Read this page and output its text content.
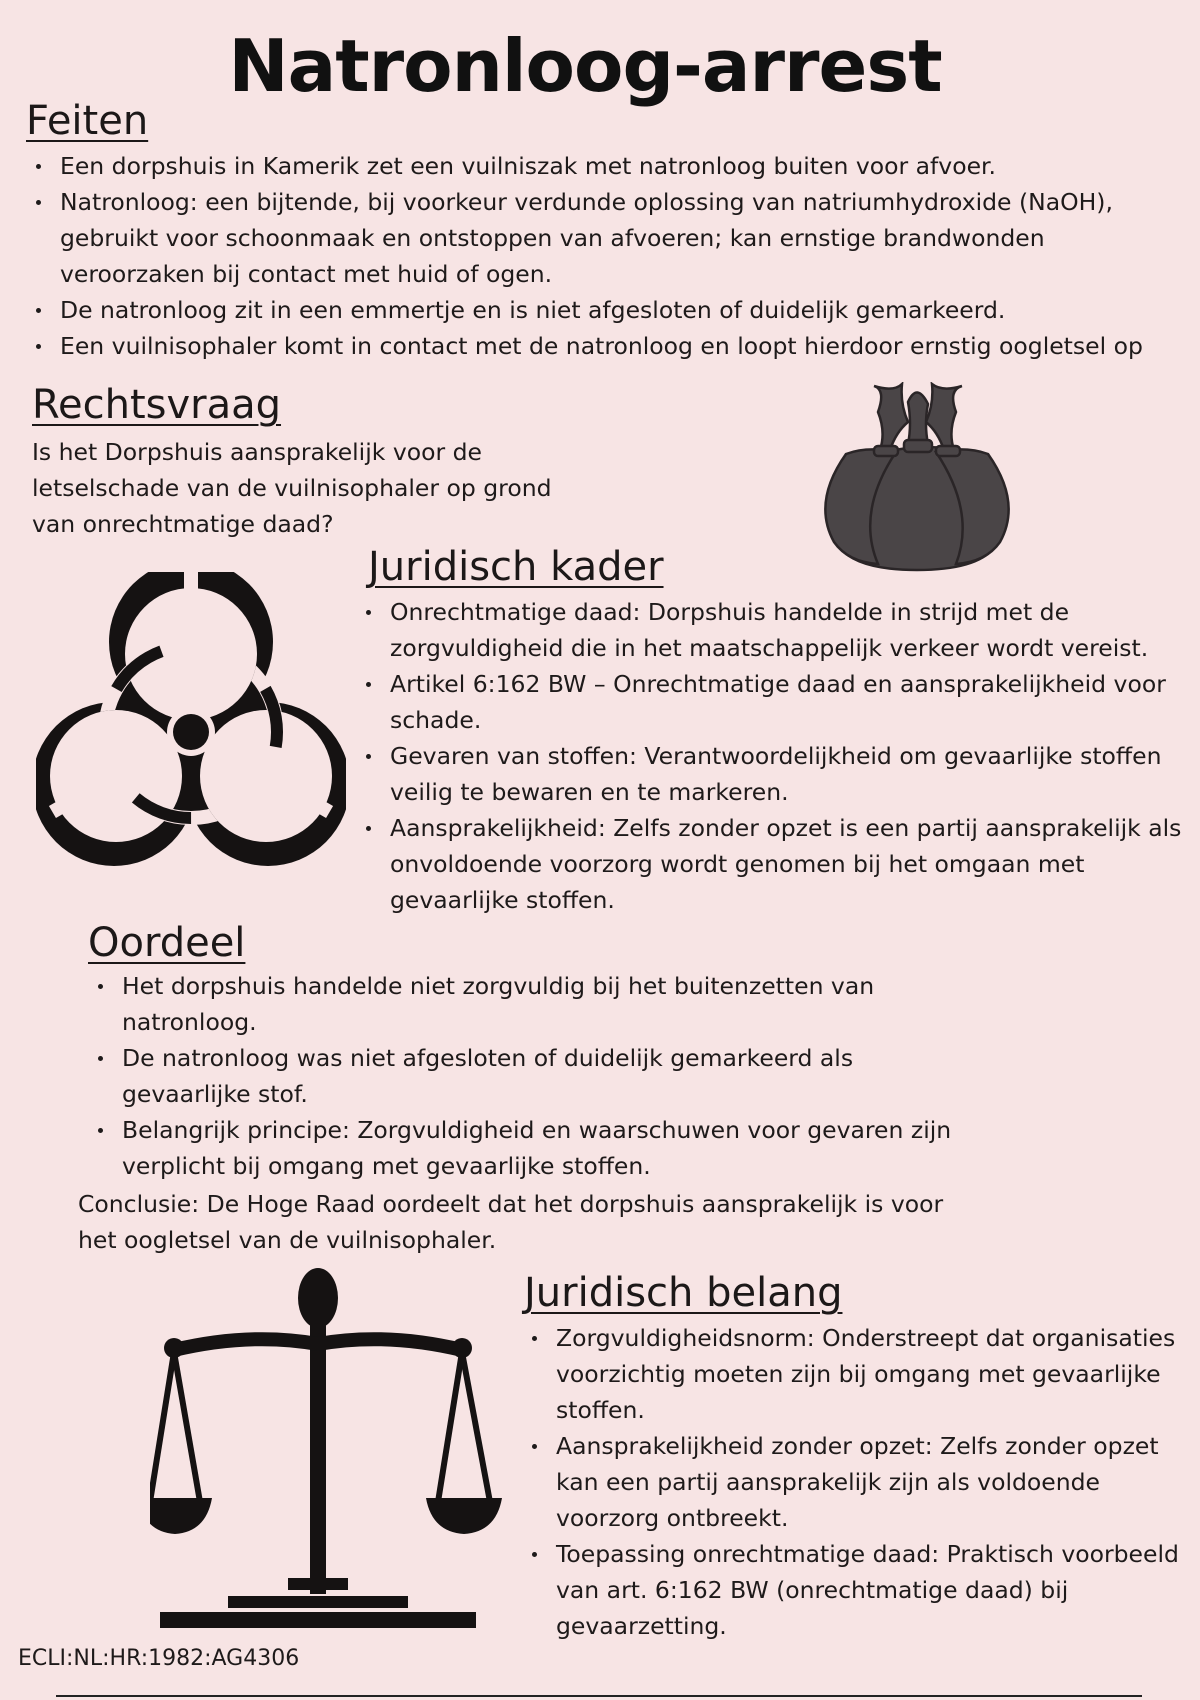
Natronloog-arrest
Feiten
Een dorpshuis in Kamerik zet een vuilniszak met natronloog buiten voor afvoer.
Natronloog: een bijtende, bij voorkeur verdunde oplossing van natriumhydroxide (NaOH), gebruikt voor schoonmaak en ontstoppen van afvoeren; kan ernstige brandwonden veroorzaken bij contact met huid of ogen.
De natronloog zit in een emmertje en is niet afgesloten of duidelijk gemarkeerd.
Een vuilnisophaler komt in contact met de natronloog en loopt hierdoor ernstig oogletsel op
Rechtsvraag
Is het Dorpshuis aansprakelijk voor de letselschade van de vuilnisophaler op grond van onrechtmatige daad?
Juridisch kader
Onrechtmatige daad: Dorpshuis handelde in strijd met de zorgvuldigheid die in het maatschappelijk verkeer wordt vereist.
Artikel 6:162 BW – Onrechtmatige daad en aansprakelijkheid voor schade.
Gevaren van stoffen: Verantwoordelijkheid om gevaarlijke stoffen veilig te bewaren en te markeren.
Aansprakelijkheid: Zelfs zonder opzet is een partij aansprakelijk als onvoldoende voorzorg wordt genomen bij het omgaan met gevaarlijke stoffen.
Oordeel
Het dorpshuis handelde niet zorgvuldig bij het buitenzetten van natronloog.
De natronloog was niet afgesloten of duidelijk gemarkeerd als gevaarlijke stof.
Belangrijk principe: Zorgvuldigheid en waarschuwen voor gevaren zijn verplicht bij omgang met gevaarlijke stoffen.
Conclusie: De Hoge Raad oordeelt dat het dorpshuis aansprakelijk is voor het oogletsel van de vuilnisophaler.
Juridisch belang
Zorgvuldigheidsnorm: Onderstreept dat organisaties voorzichtig moeten zijn bij omgang met gevaarlijke stoffen.
Aansprakelijkheid zonder opzet: Zelfs zonder opzet kan een partij aansprakelijk zijn als voldoende voorzorg ontbreekt.
Toepassing onrechtmatige daad: Praktisch voorbeeld van art. 6:162 BW (onrechtmatige daad) bij gevaarzetting.
ECLI:NL:HR:1982:AG4306
